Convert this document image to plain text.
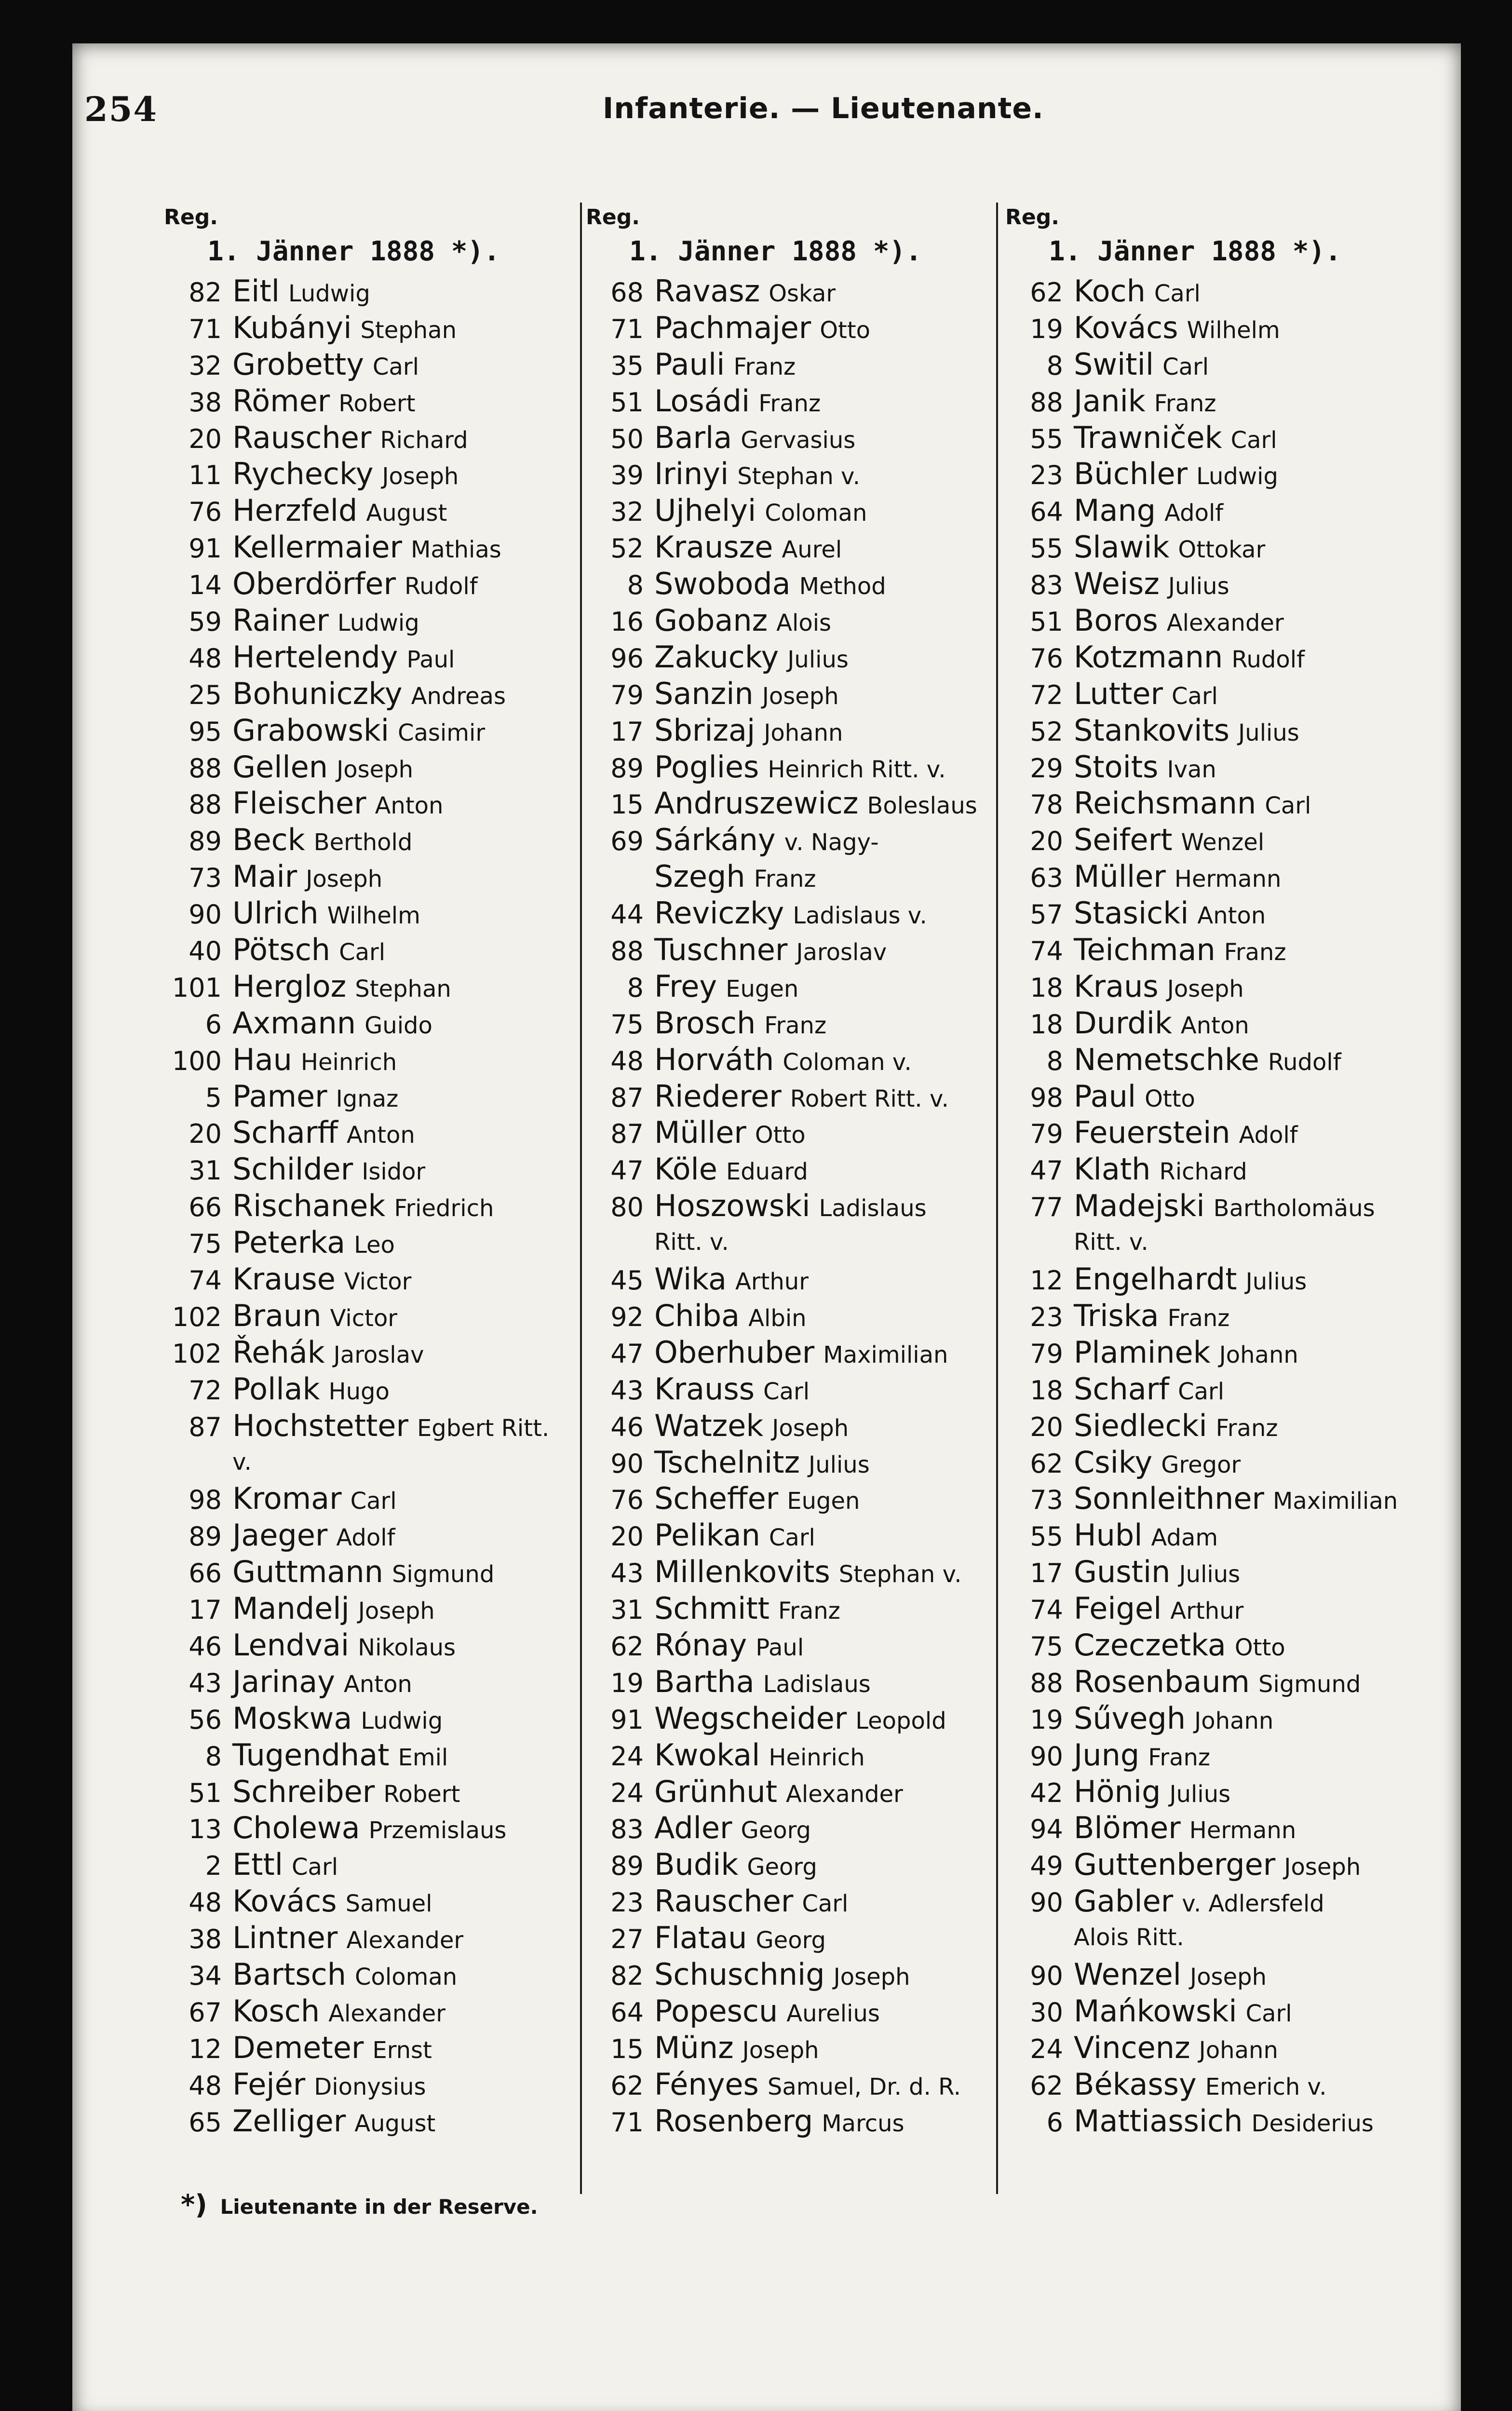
254	Infanterie. — Lieutenante.
Reg.
1. Jänner 1888 *).
82 Eitl Ludwig
71 Kubányi Stephan
32 Grobetty Carl
38 Römer Robert
20 Rauscher Richard
11 Rychecky Joseph
76 Herzfeld August
91 Kellermaier Mathias
14 Oberdörfer Rudolf
59 Rainer Ludwig
48 Hertelendy Paul
25 Bohuniczky Andreas
95 Grabowski Casimir
88 Gellen Joseph
88 Fleischer Anton
89 Beck Berthold
73 Mair Joseph
90 Ulrich Wilhelm
40 Pötsch Carl
101 Hergloz Stephan
6 Axmann Guido
100 Hau Heinrich
5 Pamer Ignaz
20 Scharff Anton
31 Schilder Isidor
66 Rischanek Friedrich
75 Peterka Leo
74 Krause Victor
102 Braun Victor
102 Řehák Jaroslav
72 Pollak Hugo
87 Hochstetter Egbert Ritt.
v.
98 Kromar Carl
89 Jaeger Adolf
66 Guttmann Sigmund
17 Mandelj Joseph
46 Lendvai Nikolaus
43 Jarinay Anton
56 Moskwa Ludwig
8 Tugendhat Emil
51 Schreiber Robert
13 Cholewa Przemislaus
2 Ettl Carl
48 Kovács Samuel
38 Lintner Alexander
34 Bartsch Coloman
67 Kosch Alexander
12 Demeter Ernst
48 Fejér Dionysius
65 Zelliger August
Reg.
1. Jänner 1888 *).
68 Ravasz Oskar
71 Pachmajer Otto
35 Pauli Franz
51 Losádi Franz
50 Barla Gervasius
39 Irinyi Stephan v.
32 Ujhelyi Coloman
52 Krausze Aurel
8 Swoboda Method
16 Gobanz Alois
96 Zakucky Julius
79 Sanzin Joseph
17 Sbrizaj Johann
89 Poglies Heinrich Ritt. v.
15 Andruszewicz Boleslaus
69 Sárkány v. Nagy-
Szegh Franz
44 Reviczky Ladislaus v.
88 Tuschner Jaroslav
8 Frey Eugen
75 Brosch Franz
48 Horváth Coloman v.
87 Riederer Robert Ritt. v.
87 Müller Otto
47 Köle Eduard
80 Hoszowski Ladislaus
Ritt. v.
45 Wika Arthur
92 Chiba Albin
47 Oberhuber Maximilian
43 Krauss Carl
46 Watzek Joseph
90 Tschelnitz Julius
76 Scheffer Eugen
20 Pelikan Carl
43 Millenkovits Stephan v.
31 Schmitt Franz
62 Rónay Paul
19 Bartha Ladislaus
91 Wegscheider Leopold
24 Kwokal Heinrich
24 Grünhut Alexander
83 Adler Georg
89 Budik Georg
23 Rauscher Carl
27 Flatau Georg
82 Schuschnig Joseph
64 Popescu Aurelius
15 Münz Joseph
62 Fényes Samuel, Dr. d. R.
71 Rosenberg Marcus
Reg.
1. Jänner 1888 *).
62 Koch Carl
19 Kovács Wilhelm
8 Switil Carl
88 Janik Franz
55 Trawniček Carl
23 Büchler Ludwig
64 Mang Adolf
55 Slawik Ottokar
83 Weisz Julius
51 Boros Alexander
76 Kotzmann Rudolf
72 Lutter Carl
52 Stankovits Julius
29 Stoits Ivan
78 Reichsmann Carl
20 Seifert Wenzel
63 Müller Hermann
57 Stasicki Anton
74 Teichman Franz
18 Kraus Joseph
18 Durdik Anton
8 Nemetschke Rudolf
98 Paul Otto
79 Feuerstein Adolf
47 Klath Richard
77 Madejski Bartholomäus
Ritt. v.
12 Engelhardt Julius
23 Triska Franz
79 Plaminek Johann
18 Scharf Carl
20 Siedlecki Franz
62 Csiky Gregor
73 Sonnleithner Maximilian
55 Hubl Adam
17 Gustin Julius
74 Feigel Arthur
75 Czeczetka Otto
88 Rosenbaum Sigmund
19 Sűvegh Johann
90 Jung Franz
42 Hönig Julius
94 Blömer Hermann
49 Guttenberger Joseph
90 Gabler v. Adlersfeld
Alois Ritt.
90 Wenzel Joseph
30 Mańkowski Carl
24 Vincenz Johann
62 Békassy Emerich v.
6 Mattiassich Desiderius
*) Lieutenante in der Reserve.
